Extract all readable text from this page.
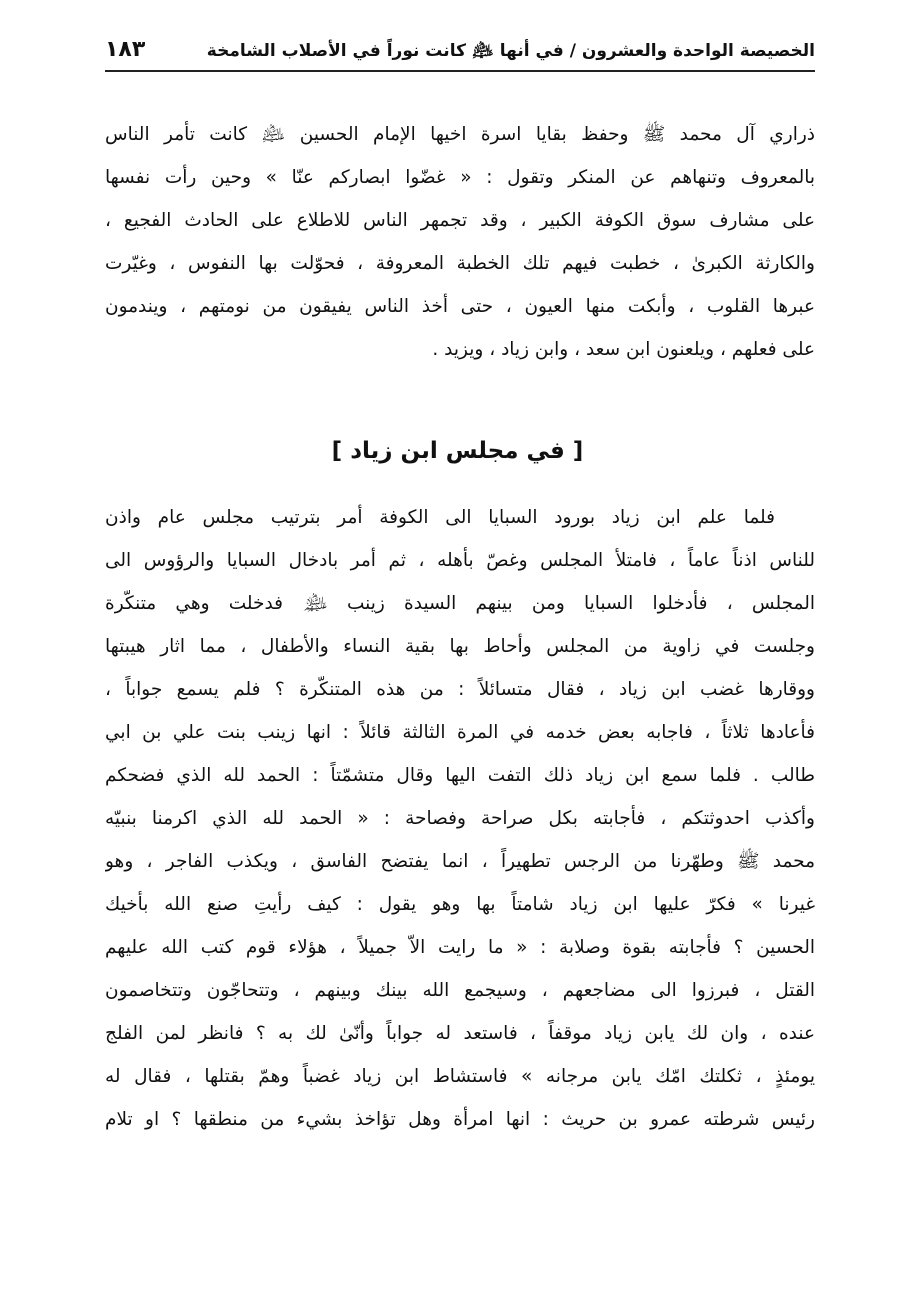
١٨٣	الخصيصة الواحدة والعشرون / في أنها ﵇ كانت نوراً في الأصلاب الشامخة
ذراري آل محمد ﷺ وحفظ بقايا اسرة اخيها الإمام الحسين ﵇ كانت تأمر الناس
بالمعروف وتنهاهم عن المنكر وتقول : « غضّوا ابصاركم عنّا » وحين رأت نفسها
على مشارف سوق الكوفة الكبير ، وقد تجمهر الناس للاطلاع على الحادث الفجيع ،
والكارثة الكبرىٰ ، خطبت فيهم تلك الخطبة المعروفة ، فحوّلت بها النفوس ، وغيّرت
عبرها القلوب ، وأبكت منها العيون ، حتى أخذ الناس يفيقون من نومتهم ، ويندمون
على فعلهم ، ويلعنون ابن سعد ، وابن زياد ، ويزيد .
[ في مجلس ابن زياد ]
فلما علم ابن زياد بورود السبايا الى الكوفة أمر بترتيب مجلس عام واذن
للناس اذناً عاماً ، فامتلأ المجلس وغصّ بأهله ، ثم أمر بادخال السبايا والرؤوس الى
المجلس ، فأدخلوا السبايا ومن بينهم السيدة زينب ﵈ فدخلت وهي متنكّرة
وجلست في زاوية من المجلس وأحاط بها بقية النساء والأطفال ، مما اثار هيبتها
ووقارها غضب ابن زياد ، فقال متسائلاً : من هذه المتنكّرة ؟ فلم يسمع جواباً ،
فأعادها ثلاثاً ، فاجابه بعض خدمه في المرة الثالثة قائلاً : انها زينب بنت علي بن ابي
طالب . فلما سمع ابن زياد ذلك التفت اليها وقال متشمّتاً : الحمد لله الذي فضحكم
وأكذب احدوثتكم ، فأجابته بكل صراحة وفصاحة : « الحمد لله الذي اكرمنا بنبيّه
محمد ﷺ وطهّرنا من الرجس تطهيراً ، انما يفتضح الفاسق ، ويكذب الفاجر ، وهو
غيرنا » فكرّ عليها ابن زياد شامتاً بها وهو يقول : كيف رأيتِ صنع الله بأخيك
الحسين ؟ فأجابته بقوة وصلابة : « ما رايت الاّ جميلاً ، هؤلاء قوم كتب الله عليهم
القتل ، فبرزوا الى مضاجعهم ، وسيجمع الله بينك وبينهم ، وتتحاجّون وتتخاصمون
عنده ، وان لك يابن زياد موقفاً ، فاستعد له جواباً وأنّىٰ لك به ؟ فانظر لمن الفلج
يومئذٍ ، ثكلتك امّك يابن مرجانه » فاستشاط ابن زياد غضباً وهمّ بقتلها ، فقال له
رئيس شرطته عمرو بن حريث : انها امرأة وهل تؤاخذ بشيء من منطقها ؟ او تلام
